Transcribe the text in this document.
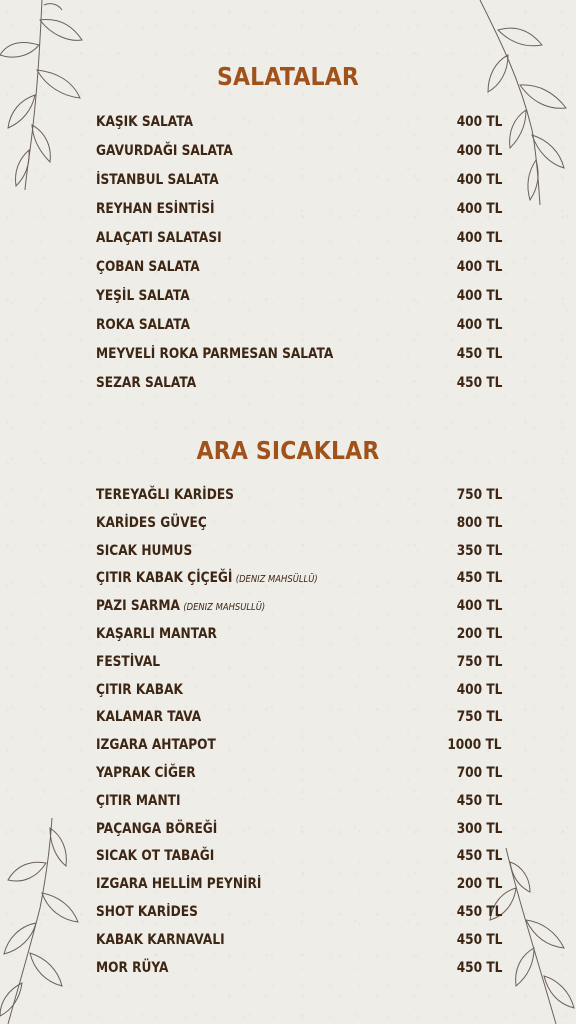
SALATALAR
KAŞIK SALATA	400 TL
GAVURDAĞI SALATA	400 TL
İSTANBUL SALATA	400 TL
REYHAN ESİNTİSİ	400 TL
ALAÇATI SALATASI	400 TL
ÇOBAN SALATA	400 TL
YEŞİL SALATA	400 TL
ROKA SALATA	400 TL
MEYVELİ ROKA PARMESAN SALATA	450 TL
SEZAR SALATA	450 TL
ARA SICAKLAR
TEREYAĞLI KARİDES	750 TL
KARİDES GÜVEÇ	800 TL
SICAK HUMUS	350 TL
ÇITIR KABAK ÇİÇEĞİ (DENIZ MAHSÜLLÜ)	450 TL
PAZI SARMA (DENIZ MAHSULLÜ)	400 TL
KAŞARLI MANTAR	200 TL
FESTİVAL	750 TL
ÇITIR KABAK	400 TL
KALAMAR TAVA	750 TL
IZGARA AHTAPOT	1000 TL
YAPRAK CİĞER	700 TL
ÇITIR MANTI	450 TL
PAÇANGA BÖREĞİ	300 TL
SICAK OT TABAĞI	450 TL
IZGARA HELLİM PEYNİRİ	200 TL
SHOT KARİDES	450 TL
KABAK KARNAVALI	450 TL
MOR RÜYA	450 TL
